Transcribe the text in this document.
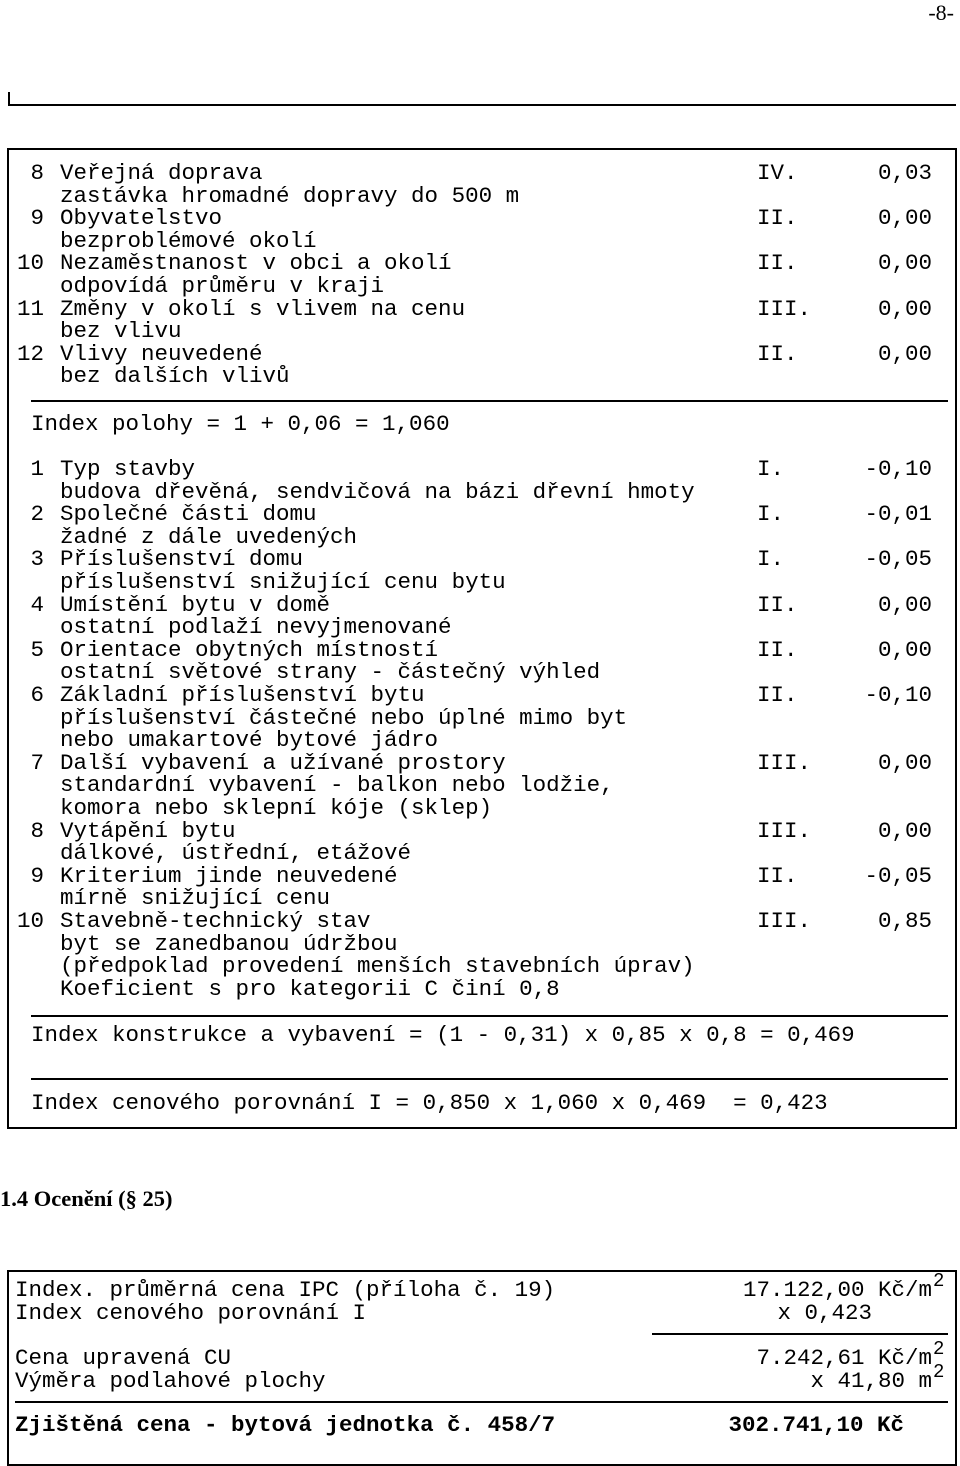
-8-
8 Veřejná doprava	IV.	0,03
zastávka hromadné dopravy do 500 m
9 Obyvatelstvo	II.	0,00
bezproblémové okolí
10 Nezaměstnanost v obci a okolí	II.	0,00
odpovídá průměru v kraji
11 Změny v okolí s vlivem na cenu	III.	0,00
bez vlivu
12 Vlivy neuvedené	II.	0,00
bez dalších vlivů
Index polohy = 1 + 0,06 = 1,060
1 Typ stavby	I.	-0,10
budova dřevěná, sendvičová na bázi dřevní hmoty
2 Společné části domu	I.	-0,01
žadné z dále uvedených
3 Příslušenství domu	I.	-0,05
příslušenství snižující cenu bytu
4 Umístění bytu v domě	II.	0,00
ostatní podlaží nevyjmenované
5 Orientace obytných místností	II.	0,00
ostatní světové strany - částečný výhled
6 Základní příslušenství bytu	II.	-0,10
příslušenství částečné nebo úplné mimo byt
nebo umakartové bytové jádro
7 Další vybavení a užívané prostory	III.	0,00
standardní vybavení - balkon nebo lodžie,
komora nebo sklepní kóje (sklep)
8 Vytápění bytu	III.	0,00
dálkové, ústřední, etážové
9 Kriterium jinde neuvedené	II.	-0,05
mírně snižující cenu
10 Stavebně-technický stav	III.	0,85
byt se zanedbanou údržbou
(předpoklad provedení menších stavebních úprav)
Koeficient s pro kategorii C činí 0,8
Index konstrukce a vybavení = (1 - 0,31) x 0,85 x 0,8 = 0,469
Index cenového porovnání I = 0,850 x 1,060 x 0,469  = 0,423
1.4 Ocenění (§ 25)
Index. průměrná cena IPC (příloha č. 19)	17.122,00 Kč/m 2
Index cenového porovnání I	x 0,423
Cena upravená CU	7.242,61 Kč/m 2
Výměra podlahové plochy	x 41,80 m 2
Zjištěná cena - bytová jednotka č. 458/7	302.741,10 Kč
